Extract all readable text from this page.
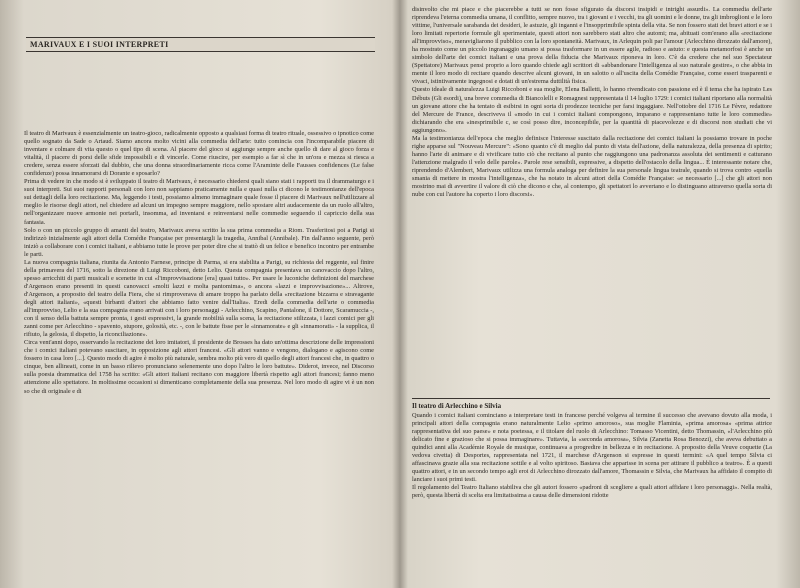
MARIVAUX E I SUOI INTERPRETI

Il teatro di Marivaux è essenzialmente un teatro-gioco, radicalmente opposto a qualsiasi forma di teatro rituale, ossessivo o ipnotico come quello sognato da Sade o Artaud. Siamo ancora molto vicini alla commedia dell'arte: tutto comincia con l'incomparabile piacere di inventare e colmare di vita questo o quel tipo di scena. Al piacere del gioco si aggiunge sempre anche quello di dare al gioco forza e vitalità, il piacere di porsi delle sfide impossibili e di vincerle. Come riuscire, per esempio a far sì che in un'ora e mezza si riesca a credere, senza essere sforzati dal dubbio, che una donna straordinariamente ricca come l'Araminte delle Fausses confidences (Le false confidenze) possa innamorarsi di Dorante e sposarlo?

Prima di vedere in che modo si è sviluppato il teatro di Marivaux, è necessario chiedersi quali siano stati i rapporti tra il drammaturgo e i suoi interpreti. Sui suoi rapporti personali con loro non sappiamo praticamente nulla e quasi nulla ci dicono le testimonianze dell'epoca sui dettagli della loro recitazione. Ma, leggendo i testi, possiamo almeno immaginare quale fosse il piacere di Marivaux nell'utilizzare al meglio le risorse degli attori, nel chiedere ad alcuni un impegno sempre maggiore, nello spostare altri audacemente da un ruolo all'altro, nell'organizzare nuove armonie nei portarli, insomma, ad inventarsi e reinventarsi nelle commedie seguendo il capriccio della sua fantasia.

Solo o con un piccolo gruppo di amanti del teatro, Marivaux aveva scritto la sua prima commedia a Riom. Trasferitosi poi a Parigi si indirizzò inizialmente agli attori della Comédie Française per presentargli la tragedia, Annibal (Annibale). Fin dall'anno seguente, però iniziò a collaborare con i comici italiani, e abbiamo tutte le prove per poter dire che si trattò di un felice e benefico incontro per entrambe le parti.

La nuova compagnia italiana, riunita da Antonio Farnese, principe di Parma, si era stabilita a Parigi, su richiesta del reggente, sul finire della primavera del 1716, sotto la direzione di Luigi Riccoboni, detto Lelio. Questa compagnia presentava un canovaccio dopo l'altro, spesso arricchiti di parti musicali e scenette in cui «l'improvvisazione [era] quasi tutto». Per usare le luconiche definizioni del marchese d'Argenson erano presenti in questi canovacci «molti lazzi e molta pantomima», o ancora «lazzi e improvvisazione»... Altrove, d'Argenson, a proposito del teatro della Fiera, che si rimproverava di amare troppo ha parlato della «recitazione bizzarra e stravagante degli attori italiani», «questi birbanti d'attori che abbiamo fatto venire dall'Italia». Eredi della commedia dell'arte o commedia all'improvviso, Lelio e la sua compagnia erano arrivati con i loro personaggi - Arlecchino, Scapino, Pantalone, il Dottore, Scaramuccia -, con il senso della battuta sempre pronta, i gesti espressivi, la grande mobilità sulla scena, la recitazione stilizzata, i lazzi comici per gli zanni come per Arlecchino - spavento, stupore, golosità, etc. -, con le battute fisse per le «innamorate» e gli «innamorati» - la supplica, il rifiuto, la gelosia, il dispetto, la riconciliazione».

Circa vent'anni dopo, osservando la recitazione dei loro imitatori, il presidente de Brosses ha dato un'ottima descrizione delle impressioni che i comici italiani potevano suscitare, in opposizione agli attori francesi. «Gli attori vanno e vengono, dialogano e agiscono come fossero in casa loro [...]. Questo modo di agire è molto più naturale, sembra molto più vero di quello degli attori francesi che, in quattro o cinque, ben allineati, come in un basso rilievo pronunciano selenemente uno dopo l'altro le loro battute». Diderot, invece, nel Discorso sulla poesia drammatica del 1758 ha scritto: «Gli attori italiani recitano con maggiore libertà rispetto agli attori francesi; fanno meno attenzione allo spettatore. In moltissime occasioni si dimenticano completamente della sua presenza. Nel loro modo di agire vi è un non so che di originale e di

disinvolto che mi piace e che piacerebbe a tutti se non fosse sfigurato da discorsi insipidi e intrighi assurdi». La commedia dell'arte riprendeva l'eterna commedia umana, il conflitto, sempre nuovo, tra i giovani e i vecchi, tra gli uomini e le donne, tra gli imbroglioni e le loro vittime, l'universale sarabanda dei desideri, le astuzie, gli inganni e l'insopprimibile spinta della vita. Se non fossero stati dei bravi attori e se i loro limitati repertorie formule gli sperimentate, questi attori non sarebbero stati altro che automi; ma, abituati com'erano alla «recitazione all'improvviso», meravigliarono il pubblico con la loro spontaneità. Marivaux, in Arlequin poli par l'amour (Arlecchino dirozzato dall'amore), ha mostrato come un piccolo ingranaggio umano si possa trasformare in un essere agile, radioso e astuto: e questa metamorfosi è anche un simbolo dell'arte dei comici italiani e una prova della fiducia che Marivaux riponeva in loro. C'è da credere che nel suo Spectateur (Spettatore) Marivaux pensi proprio a loro quando chiede agli scrittori di «abbandonare l'intelligenza al suo naturale gestire», o che abbia in mente il loro modo di recitare quando descrive alcuni giovani, in un salotto o all'uscita della Comédie Française, come esseri trasparenti e vivaci, istintivamente ingegnosi e dotati di un'estrema duttilità fisica.

Questo ideale di naturalezza Luigi Riccoboni e sua moglie, Elena Balletti, lo hanno rivendicato con passione ed è il tema che ha ispirato Les Débuts (Gli esordi), una breve commedia di Biancolelli e Romagnesi rappresentata il 14 luglio 1729: i comici italiani riportano alla normalità un giovane attore che ha tentato di esibirsi in ogni sorta di prodezze tecniche per farsi ingaggiare. Nell'ottobre del 1716 Le Fèvre, redattore del Mercure de France, descriveva il «modo in cui i comici italiani compongono, imparano e rappresentano tutte le loro commedie» dichiarando che era «inesprimibile c, se così posso dire, inconcepibile, per la quantità di piacevolezze e di discorsi non studiati che vi aggiungono».

Ma la testimonianza dell'epoca che meglio definisce l'interesse suscitato dalla recitazione dei comici italiani la possiamo trovare in poche righe apparse sul "Nouveau Mercure": «Sono quanto c'è di meglio dal punto di vista dell'azione, della naturalezza, della presenza di spirito; hanno l'arte di animare e di vivificare tutto ciò che recitano al punto che raggiungono una padronanza assoluta dei sentimenti e catturano l'attenzione malgrado il velo delle parole». Parole rese sensibili, espressive, a dispetto dell'ostacolo della lingua... È interessante notare che, riprendendo d'Alembert, Marivaux utilizza una formula analoga per definire la sua personale lingua teatrale, quando si trova contro «quella smania di mettere in mostra l'intelligenza», che ha notato in alcuni attori della Comédie Française: «e necessario [...] che gli attori non mostrino mai di avvertire il valore di ciò che dicono e che, al contempo, gli spettatori lo avvertano e lo distinguano attraverso quella sorta di nube con cui l'autore ha coperto i loro discorsi».

Il teatro di Arlecchino e Silvia

Quando i comici italiani cominciano a interpretare testi in francese perché volgeva al termine il successo che avevano dovuto alla moda, i principali attori della compagnia erano naturalmente Lelio «primo amoroso», sua moglie Flaminia, «prima amorosa» «prima attrice rappresentativa del suo paese» e nota poetessa, e il titolare del ruolo di Arlecchino: Tomasso Vicentini, detto Thomassin, «l'Arlecchino più delicato fine e grazioso che si possa immaginare». Tuttavia, la «seconda amorosa», Silvia (Zanetta Rosa Benozzi), che aveva debuttato a quindici anni alla Académie Royale de musique, continuava a progredire in bellezza e in recitazione. A proposito della Veuve coquette (La vedova civetta) di Desportes, rappresentata nel 1721, il marchese d'Argenson si espresse in questi termini: «A quel tempo Silvia ci affascinava grazie alla sua recitazione sottile e al volto spiritoso. Bastava che apparisse in scena per attirare il pubblico a teatro». È a questi quattro attori, e in un secondo tempo agli eroi di Arlecchino dirozzato dall'amore, Thomassin e Silvia, che Marivaux ha affidato il compito di lanciare i suoi primi testi.

Il regolamento del Teatro Italiano stabiliva che gli autori fossero «padroni di scegliere a quali attori affidare i loro personaggi». Nella realtà, però, questa libertà di scelta era limitatissima a causa delle dimensioni ridotte
